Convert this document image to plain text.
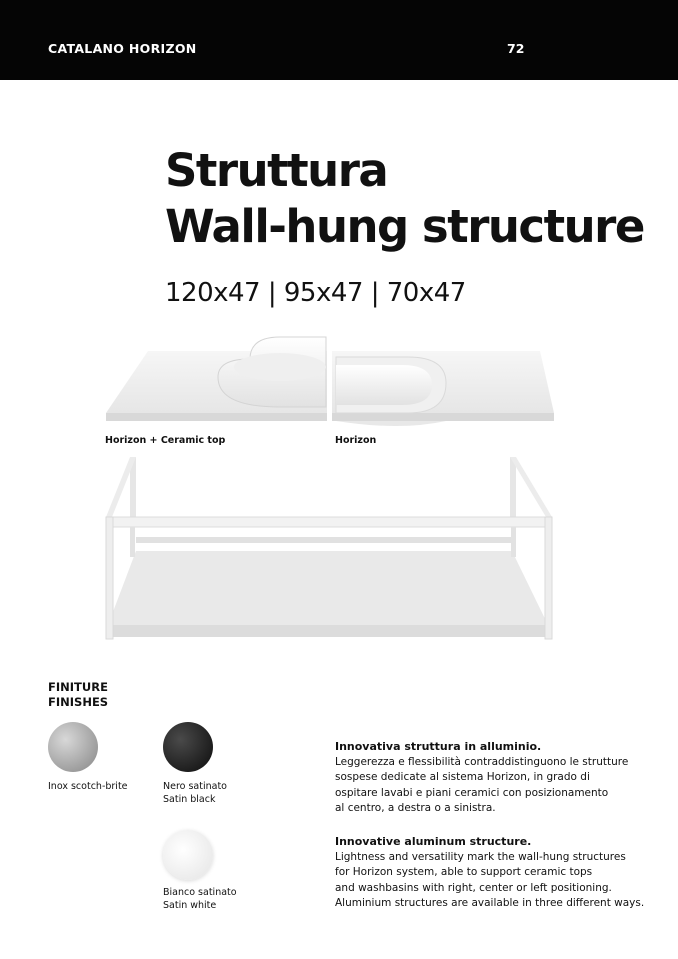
CATALANO HORIZON	72
Struttura
Wall-hung structure
120x47 | 95x47 | 70x47
Horizon + Ceramic top	Horizon
FINITURE
FINISHES
Inox scotch-brite	Nero satinato
Satin black
Bianco satinato
Satin white
Innovativa struttura in alluminio.
Leggerezza e flessibilità contraddistinguono le strutture
sospese dedicate al sistema Horizon, in grado di
ospitare lavabi e piani ceramici con posizionamento
al centro, a destra o a sinistra.
Innovative aluminum structure.
Lightness and versatility mark the wall-hung structures
for Horizon system, able to support ceramic tops
and washbasins with right, center or left positioning.
Aluminium structures are available in three different ways.
